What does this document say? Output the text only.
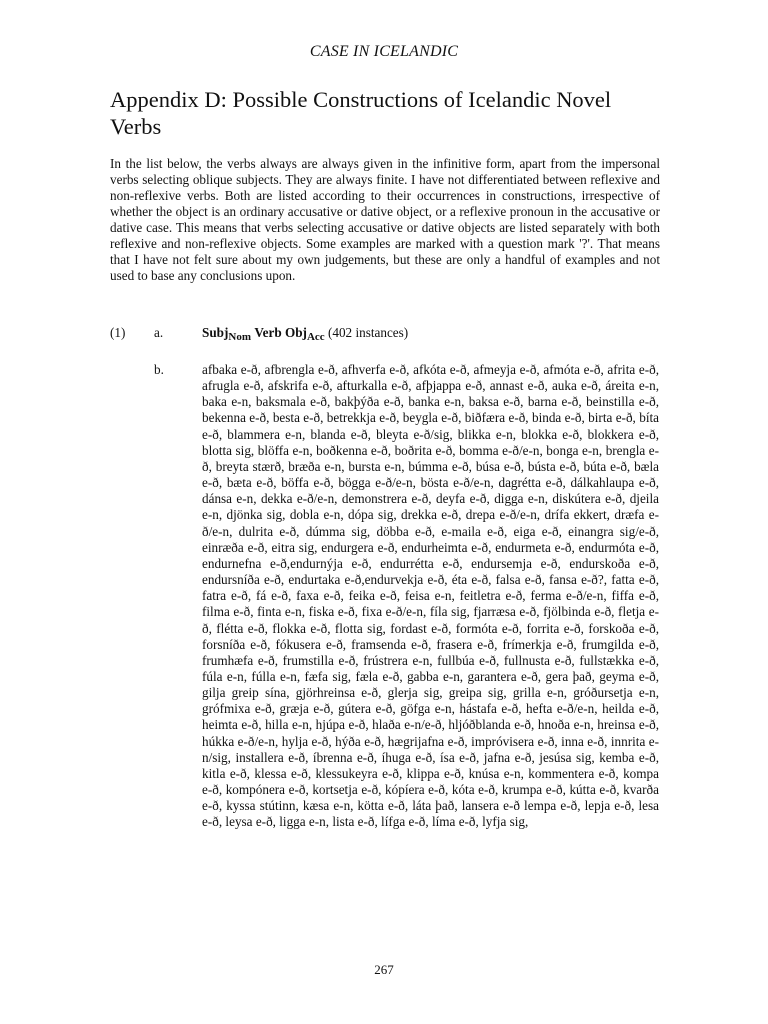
CASE IN ICELANDIC
Appendix D: Possible Constructions of Icelandic Novel Verbs

In the list below, the verbs always are always given in the infinitive form, apart from the impersonal verbs selecting oblique subjects. They are always finite. I have not differentiated between reflexive and non-reflexive verbs. Both are listed according to their occurrences in constructions, irrespective of whether the object is an ordinary accusative or dative object, or a reflexive pronoun in the accusative or dative case. This means that verbs selecting accusative or dative objects are listed separately with both reflexive and non-reflexive objects. Some examples are marked with a question mark '?'. That means that I have not felt sure about my own judgements, but these are only a handful of examples and not used to base any conclusions upon.

(1) a.	Subj$_{Nom}$ Verb Obj$_{Acc}$ (402 instances)
b.	afbaka e-ð, afbrengla e-ð, afhverfa e-ð, afkóta e-ð, afmeyja e-ð, afmóta e-ð, afrita e-ð, afrugla e-ð, afskrifa e-ð, afturkalla e-ð, afþjappa e-ð, annast e-ð, auka e-ð, áreita e-n, baka e-n, baksmala e-ð, bakþýða e-ð, banka e-n, baksa e-ð, barna e-ð, beinstilla e-ð, bekenna e-ð, besta e-ð, betrekkja e-ð, beygla e-ð, biðfæra e-ð, binda e-ð, birta e-ð, bíta e-ð, blammera e-n, blanda e-ð, bleyta e-ð/sig, blikka e-n, blokka e-ð, blokkera e-ð, blotta sig, blöffa e-n, boðkenna e-ð, boðrita e-ð, bomma e-ð/e-n, bonga e-n, brengla e-ð, breyta stærð, bræða e-n, bursta e-n, búmma e-ð, búsa e-ð, bústa e-ð, búta e-ð, bæla e-ð, bæta e-ð, böffa e-ð, bögga e-ð/e-n, bösta e-ð/e-n, dagrétta e-ð, dálkahlaupa e-ð, dánsa e-n, dekka e-ð/e-n, demonstrera e-ð, deyfa e-ð, digga e-n, diskútera e-ð, djeila e-n, djönka sig, dobla e-n, dópa sig, drekka e-ð, drepa e-ð/e-n, drífa ekkert, dræfa e-ð/e-n, dulrita e-ð, dúmma sig, döbba e-ð, e-maila e-ð, eiga e-ð, einangra sig/e-ð, einræða e-ð, eitra sig, endurgera e-ð, endurheimta e-ð, endurmeta e-ð, endurmóta e-ð, endurnefna e-ð,endurnýja e-ð, endurrétta e-ð, endursemja e-ð, endurskoða e-ð, endursníða e-ð, endurtaka e-ð,endurvekja e-ð, éta e-ð, falsa e-ð, fansa e-ð?, fatta e-ð, fatra e-ð, fá e-ð, faxa e-ð, feika e-ð, feisa e-n, feitletra e-ð, ferma e-ð/e-n, fiffa e-ð, filma e-ð, finta e-n, fiska e-ð, fixa e-ð/e-n, fíla sig, fjarræsa e-ð, fjölbinda e-ð, fletja e-ð, flétta e-ð, flokka e-ð, flotta sig, fordast e-ð, formóta e-ð, forrita e-ð, forskoða e-ð, forsníða e-ð, fókusera e-ð, framsenda e-ð, frasera e-ð, frímerkja e-ð, frumgilda e-ð, frumhæfa e-ð, frumstilla e-ð, frústrera e-n, fullbúa e-ð, fullnusta e-ð, fullstækka e-ð, fúla e-n, fúlla e-n, fæfa sig, fæla e-ð, gabba e-n, garantera e-ð, gera það, geyma e-ð, gilja greip sína, gjörhreinsa e-ð, glerja sig, greipa sig, grilla e-n, gróðursetja e-n, grófmixa e-ð, græja e-ð, gútera e-ð, göfga e-n, hástafa e-ð, hefta e-ð/e-n, heilda e-ð, heimta e-ð, hilla e-n, hjúpa e-ð, hlaða e-n/e-ð, hljóðblanda e-ð, hnoða e-n, hreinsa e-ð, húkka e-ð/e-n, hylja e-ð, hýða e-ð, hægrijafna e-ð, impróvisera e-ð, inna e-ð, innrita e-n/sig, installera e-ð, íbrenna e-ð, íhuga e-ð, ísa e-ð, jafna e-ð, jesúsa sig, kemba e-ð, kitla e-ð, klessa e-ð, klessukeyra e-ð, klippa e-ð, knúsa e-n, kommentera e-ð, kompa e-ð, kompónera e-ð, kortsetja e-ð, kópíera e-ð, kóta e-ð, krumpa e-ð, kútta e-ð, kvarða e-ð, kyssa stútinn, kæsa e-n, kötta e-ð, láta það, lansera e-ð lempa e-ð, lepja e-ð, lesa e-ð, leysa e-ð, ligga e-n, lista e-ð, lífga e-ð, líma e-ð, lyfja sig,

267
